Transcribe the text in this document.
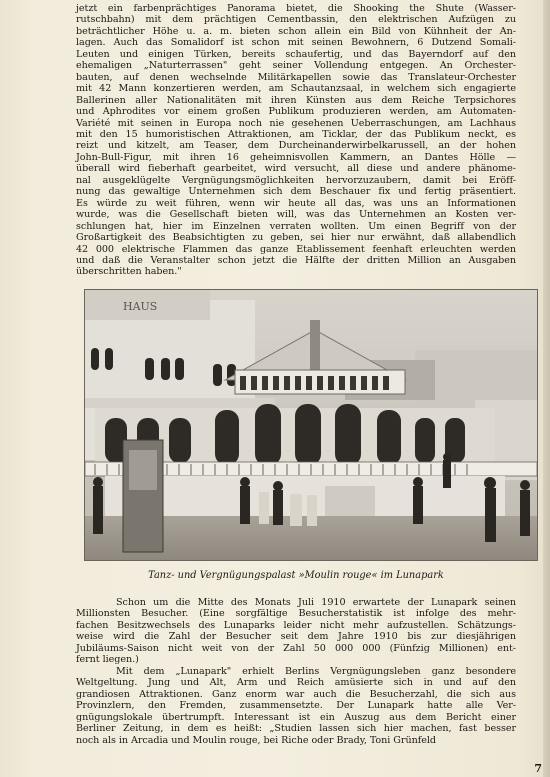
jetzt ein farbenprächtiges Panorama bietet, die Shooking the Shute (Wasser-
rutschbahn) mit dem prächtigen Cementbassin, den elektrischen Aufzügen zu
beträchtlicher Höhe u. a. m. bieten schon allein ein Bild von Kühnheit der An-
lagen. Auch das Somalidorf ist schon mit seinen Bewohnern, 6 Dutzend Somali-
Leuten und einigen Türken, bereits schaufertig, und das Bayerndorf auf den
ehemaligen „Naturterrassen" geht seiner Vollendung entgegen. An Orchester-
bauten, auf denen wechselnde Militärkapellen sowie das Translateur-Orchester
mit 42 Mann konzertieren werden, am Schautanzsaal, in welchem sich engagierte
Ballerinen aller Nationalitäten mit ihren Künsten aus dem Reiche Terpsichores
und Aphrodites vor einem großen Publikum produzieren werden, am Automaten-
Variété mit seinen in Europa noch nie gesehenen Ueberraschungen, am Lachhaus
mit den 15 humoristischen Attraktionen, am Ticklar, der das Publikum neckt, es
reizt und kitzelt, am Teaser, dem Durcheinanderwirbelkarussell, an der hohen
John-Bull-Figur, mit ihren 16 geheimnisvollen Kammern, an Dantes Hölle —
überall wird fieberhaft gearbeitet, wird versucht, all diese und andere phänome-
nal ausgeklügelte Vergnügungsmöglichkeiten hervorzuzaubern, damit bei Eröff-
nung das gewaltige Unternehmen sich dem Beschauer fix und fertig präsentiert.
Es würde zu weit führen, wenn wir heute all das, was uns an Informationen
wurde, was die Gesellschaft bieten will, was das Unternehmen an Kosten ver-
schlungen hat, hier im Einzelnen verraten wollten. Um einen Begriff von der
Großartigkeit des Beabsichtigten zu geben, sei hier nur erwähnt, daß allabendlich
42 000 elektrische Flammen das ganze Etablissement feenhaft erleuchten werden
und daß die Veranstalter schon jetzt die Hälfte der dritten Million an Ausgaben
überschritten haben."

HAUS
Tanz- und Vergnügungspalast »Moulin rouge« im Lunapark

Schon um die Mitte des Monats Juli 1910 erwartete der Lunapark seinen
Millionsten Besucher. (Eine sorgfältige Besucherstatistik ist infolge des mehr-
fachen Besitzwechsels des Lunaparks leider nicht mehr aufzustellen. Schätzungs-
weise wird die Zahl der Besucher seit dem Jahre 1910 bis zur diesjährigen
Jubiläums-Saison nicht weit von der Zahl 50 000 000 (Fünfzig Millionen) ent-
fernt liegen.)

Mit dem „Lunapark" erhielt Berlins Vergnügungsleben ganz besondere
Weltgeltung. Jung und Alt, Arm und Reich amüsierte sich in und auf den
grandiosen Attraktionen. Ganz enorm war auch die Besucherzahl, die sich aus
Provinzlern, den Fremden, zusammensetzte. Der Lunapark hatte alle Ver-
gnügungslokale übertrumpft. Interessant ist ein Auszug aus dem Bericht einer
Berliner Zeitung, in dem es heißt: „Studien lassen sich hier machen, fast besser
noch als in Arcadia und Moulin rouge, bei Riche oder Brady, Toni Grünfeld

7
